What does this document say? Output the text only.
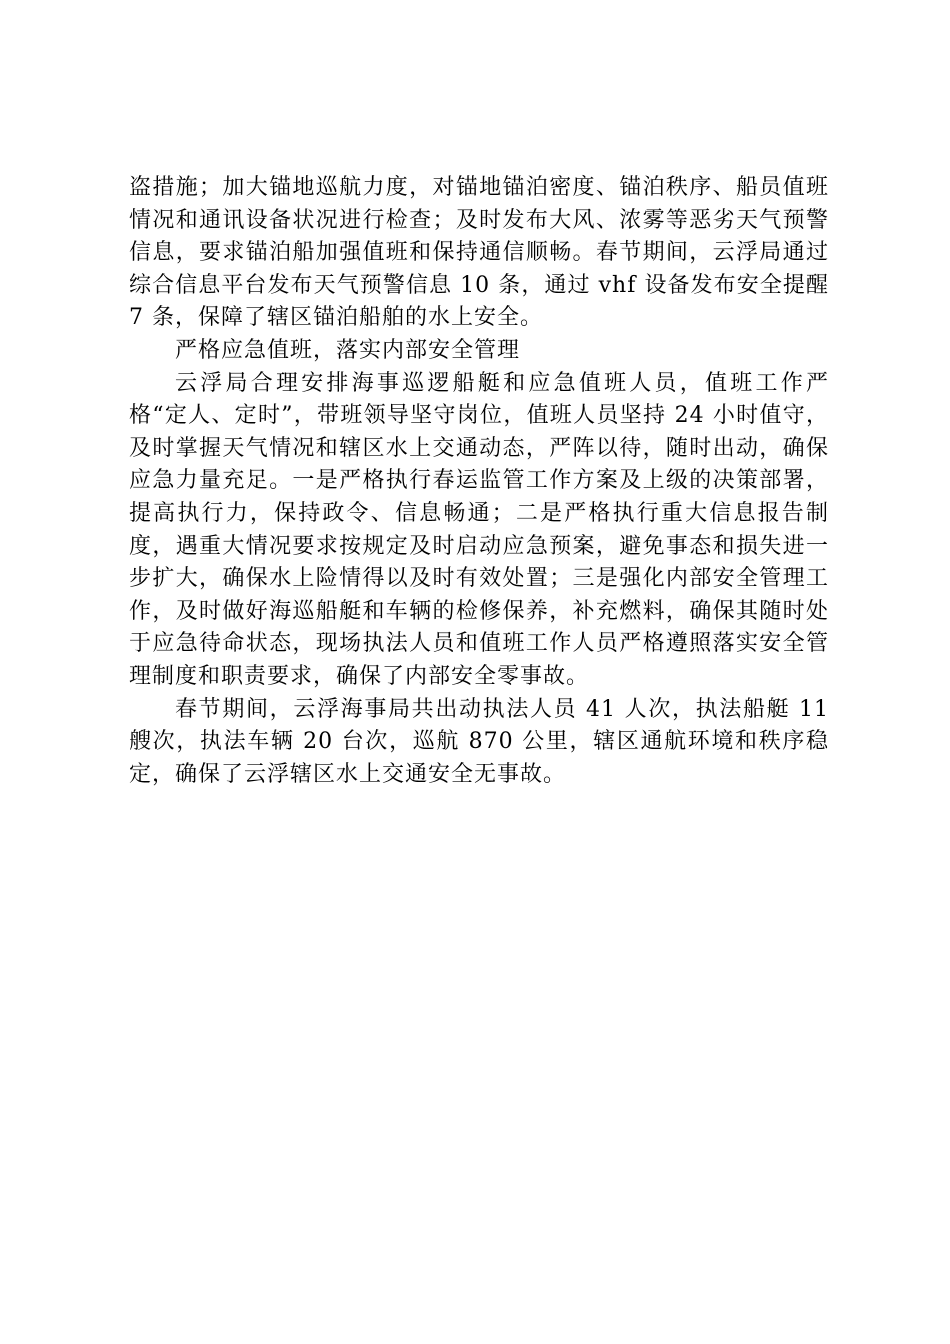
盗措施；加大锚地巡航力度，对锚地锚泊密度、锚泊秩序、船员值班情况和通讯设备状况进行检查；及时发布大风、浓雾等恶劣天气预警信息，要求锚泊船加强值班和保持通信顺畅。春节期间，云浮局通过综合信息平台发布天气预警信息 10 条，通过 vhf 设备发布安全提醒 7 条，保障了辖区锚泊船舶的水上安全。

严格应急值班，落实内部安全管理

云浮局合理安排海事巡逻船艇和应急值班人员，值班工作严格“定人、定时”，带班领导坚守岗位，值班人员坚持 24 小时值守，及时掌握天气情况和辖区水上交通动态，严阵以待，随时出动，确保应急力量充足。一是严格执行春运监管工作方案及上级的决策部署，提高执行力，保持政令、信息畅通；二是严格执行重大信息报告制度，遇重大情况要求按规定及时启动应急预案，避免事态和损失进一步扩大，确保水上险情得以及时有效处置；三是强化内部安全管理工作，及时做好海巡船艇和车辆的检修保养，补充燃料，确保其随时处于应急待命状态，现场执法人员和值班工作人员严格遵照落实安全管理制度和职责要求，确保了内部安全零事故。

春节期间，云浮海事局共出动执法人员 41 人次，执法船艇 11 艘次，执法车辆 20 台次，巡航 870 公里，辖区通航环境和秩序稳定，确保了云浮辖区水上交通安全无事故。
